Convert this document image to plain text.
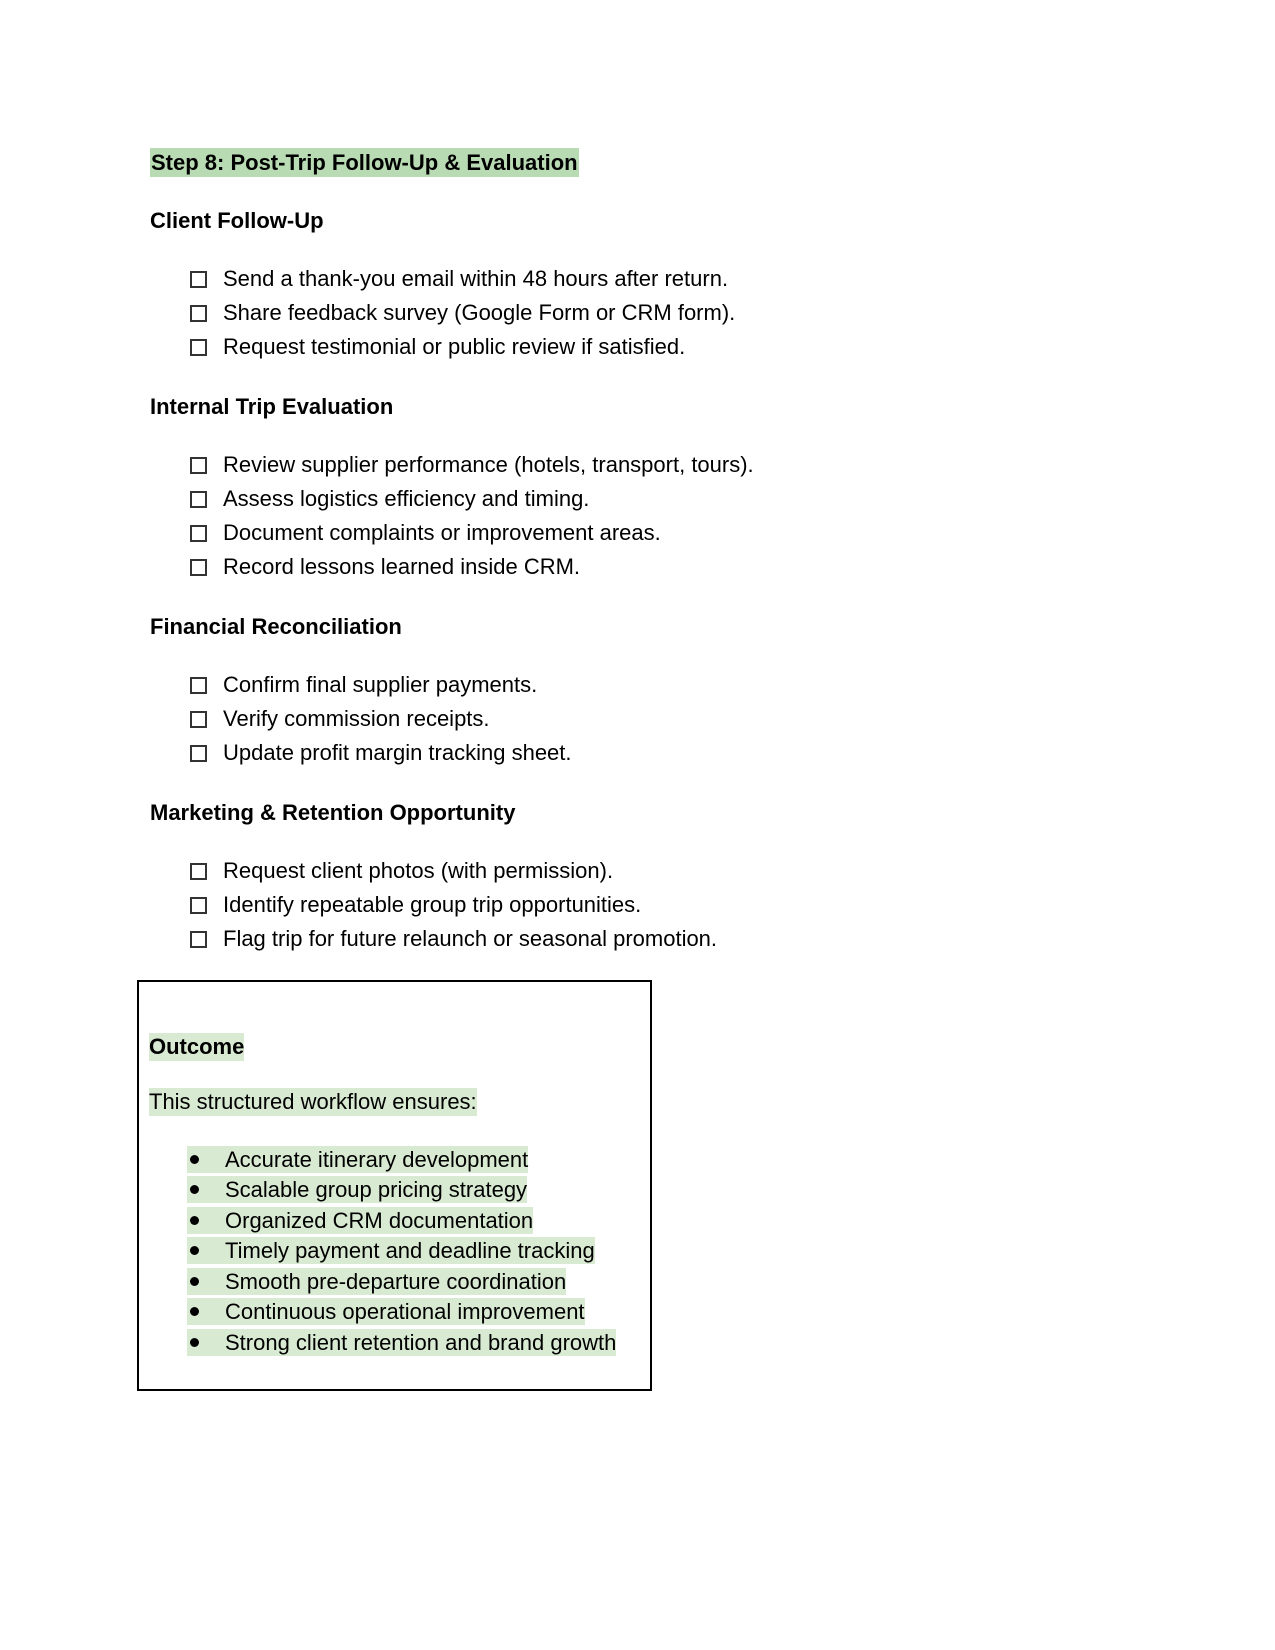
Step 8: Post-Trip Follow-Up & Evaluation
Client Follow-Up
Send a thank-you email within 48 hours after return.
Share feedback survey (Google Form or CRM form).
Request testimonial or public review if satisfied.
Internal Trip Evaluation
Review supplier performance (hotels, transport, tours).
Assess logistics efficiency and timing.
Document complaints or improvement areas.
Record lessons learned inside CRM.
Financial Reconciliation
Confirm final supplier payments.
Verify commission receipts.
Update profit margin tracking sheet.
Marketing & Retention Opportunity
Request client photos (with permission).
Identify repeatable group trip opportunities.
Flag trip for future relaunch or seasonal promotion.
Outcome
This structured workflow ensures:
Accurate itinerary development
Scalable group pricing strategy
Organized CRM documentation
Timely payment and deadline tracking
Smooth pre-departure coordination
Continuous operational improvement
Strong client retention and brand growth
